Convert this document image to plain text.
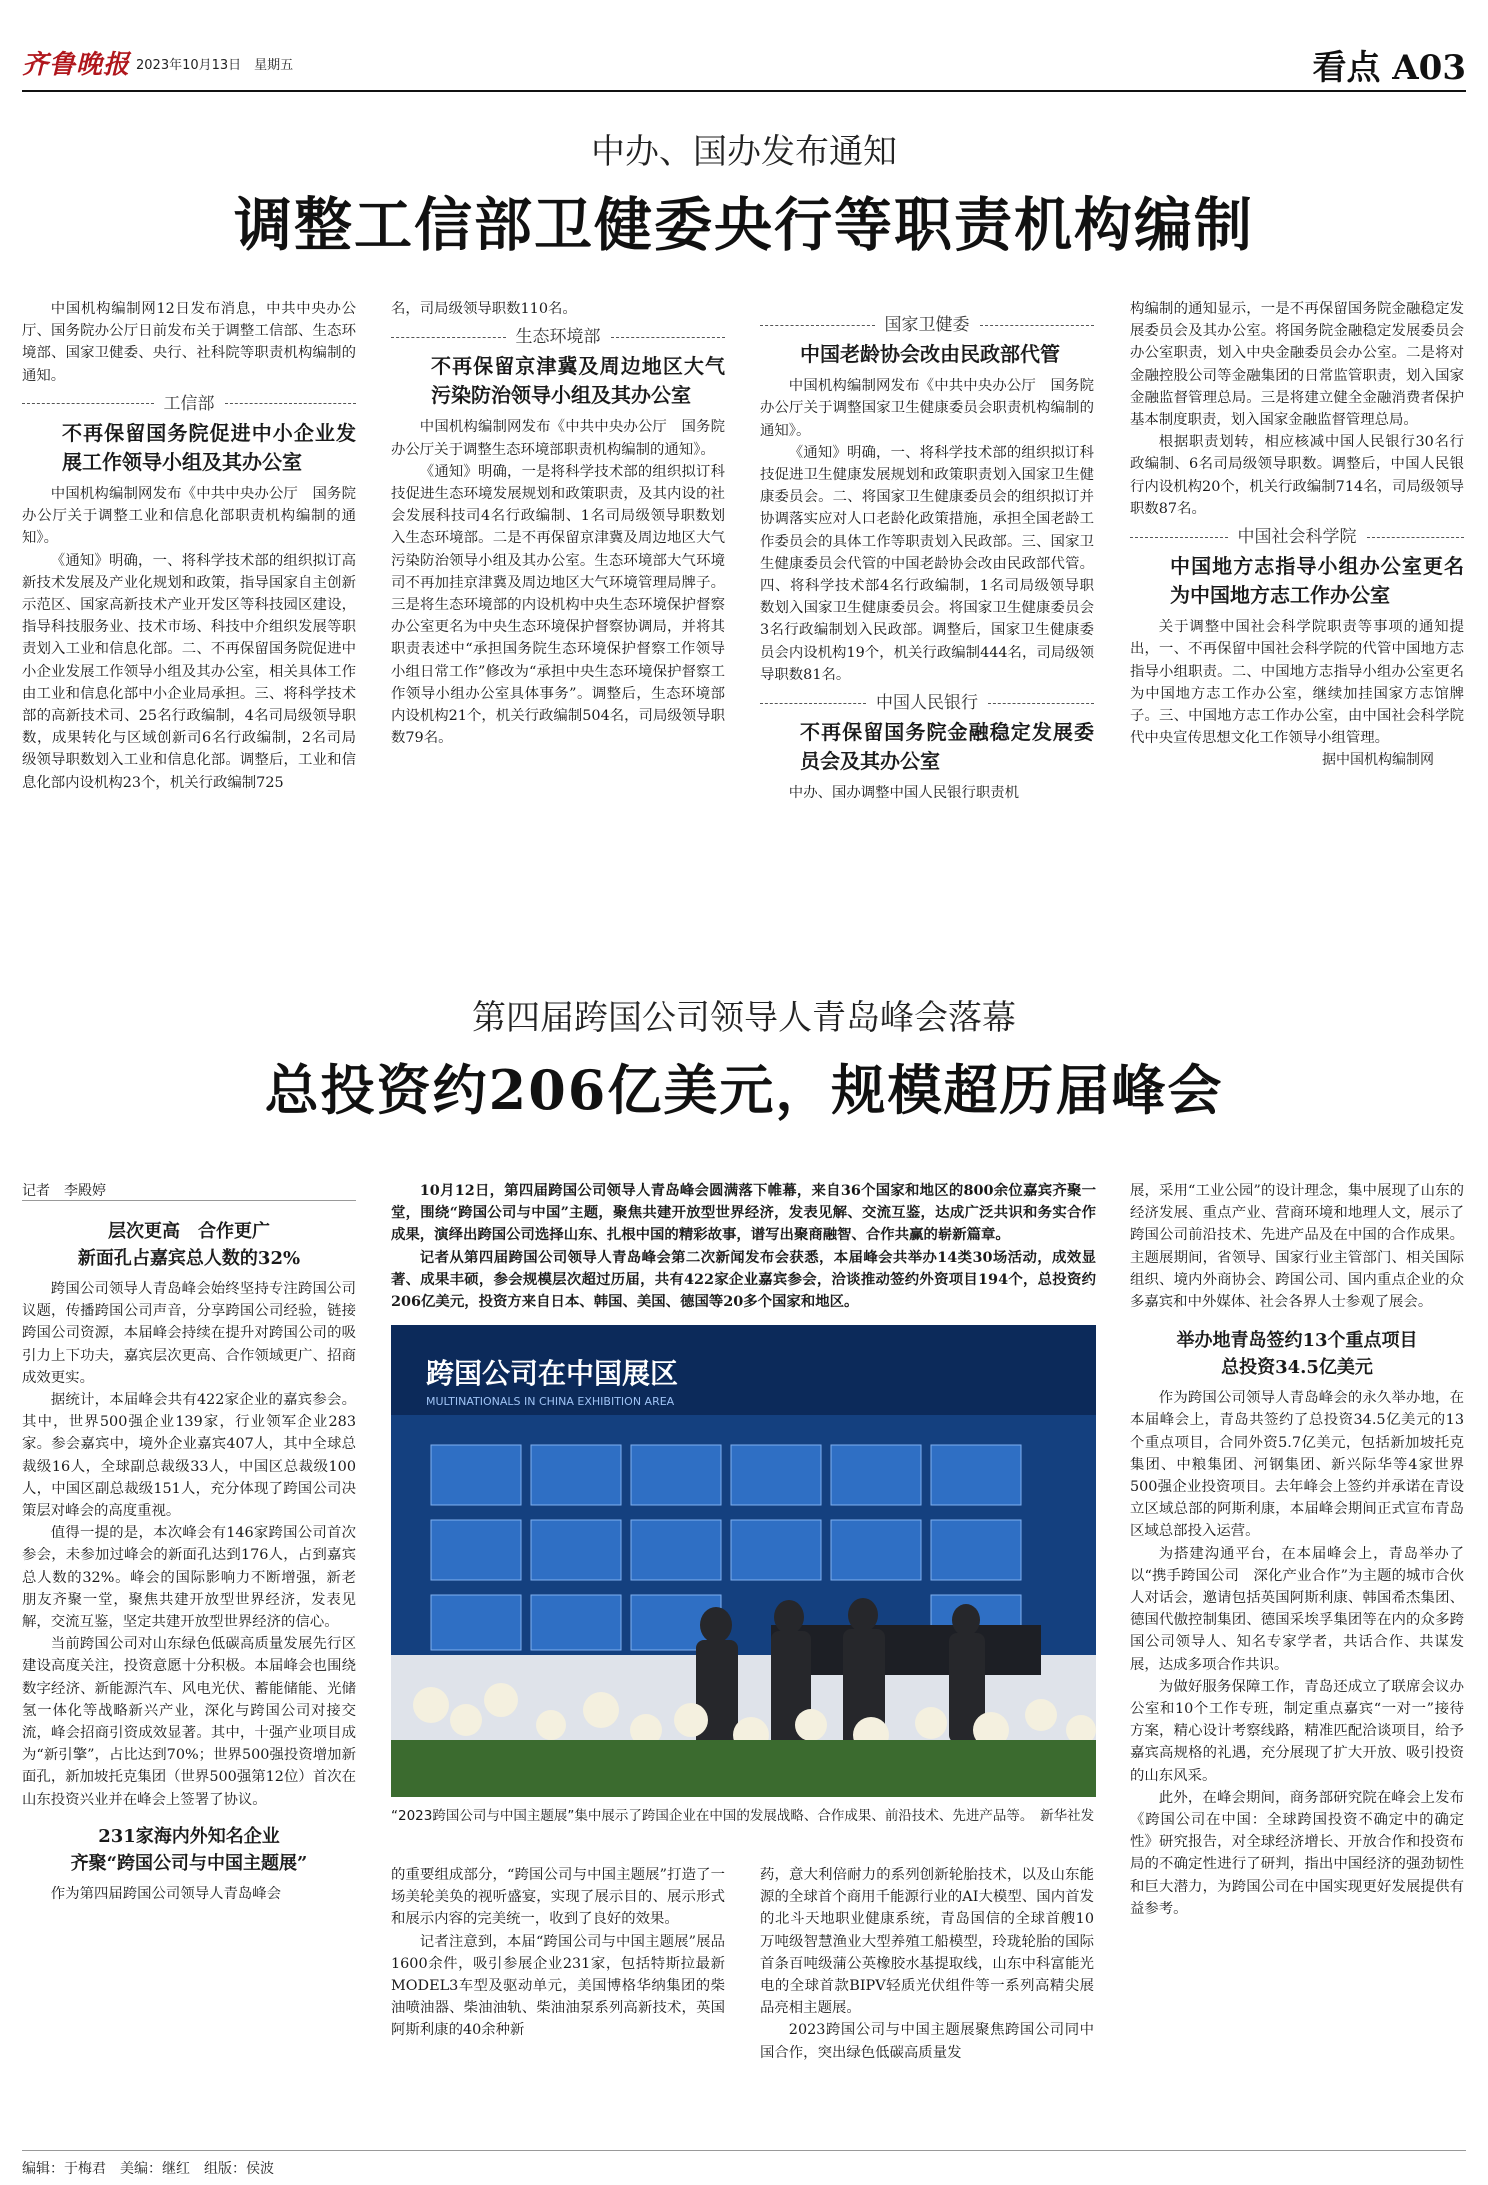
齐鲁晚报 2023年10月13日　星期五	看点 A03
中办、国办发布通知
调整工信部卫健委央行等职责机构编制

中国机构编制网12日发布消息，中共中央办公厅、国务院办公厅日前发布关于调整工信部、生态环境部、国家卫健委、央行、社科院等职责机构编制的通知。

工信部
不再保留国务院促进中小企业发展工作领导小组及其办公室

中国机构编制网发布《中共中央办公厅　国务院办公厅关于调整工业和信息化部职责机构编制的通知》。

《通知》明确，一、将科学技术部的组织拟订高新技术发展及产业化规划和政策，指导国家自主创新示范区、国家高新技术产业开发区等科技园区建设，指导科技服务业、技术市场、科技中介组织发展等职责划入工业和信息化部。二、不再保留国务院促进中小企业发展工作领导小组及其办公室，相关具体工作由工业和信息化部中小企业局承担。三、将科学技术部的高新技术司、25名行政编制，4名司局级领导职数，成果转化与区域创新司6名行政编制，2名司局级领导职数划入工业和信息化部。调整后，工业和信息化部内设机构23个，机关行政编制725

名，司局级领导职数110名。

生态环境部
不再保留京津冀及周边地区大气污染防治领导小组及其办公室

中国机构编制网发布《中共中央办公厅　国务院办公厅关于调整生态环境部职责机构编制的通知》。

《通知》明确，一是将科学技术部的组织拟订科技促进生态环境发展规划和政策职责，及其内设的社会发展科技司4名行政编制、1名司局级领导职数划入生态环境部。二是不再保留京津冀及周边地区大气污染防治领导小组及其办公室。生态环境部大气环境司不再加挂京津冀及周边地区大气环境管理局牌子。三是将生态环境部的内设机构中央生态环境保护督察办公室更名为中央生态环境保护督察协调局，并将其职责表述中“承担国务院生态环境保护督察工作领导小组日常工作”修改为“承担中央生态环境保护督察工作领导小组办公室具体事务”。调整后，生态环境部内设机构21个，机关行政编制504名，司局级领导职数79名。

国家卫健委
中国老龄协会改由民政部代管

中国机构编制网发布《中共中央办公厅　国务院办公厅关于调整国家卫生健康委员会职责机构编制的通知》。

《通知》明确，一、将科学技术部的组织拟订科技促进卫生健康发展规划和政策职责划入国家卫生健康委员会。二、将国家卫生健康委员会的组织拟订并协调落实应对人口老龄化政策措施，承担全国老龄工作委员会的具体工作等职责划入民政部。三、国家卫生健康委员会代管的中国老龄协会改由民政部代管。四、将科学技术部4名行政编制，1名司局级领导职数划入国家卫生健康委员会。将国家卫生健康委员会3名行政编制划入民政部。调整后，国家卫生健康委员会内设机构19个，机关行政编制444名，司局级领导职数81名。

中国人民银行
不再保留国务院金融稳定发展委员会及其办公室

中办、国办调整中国人民银行职责机

构编制的通知显示，一是不再保留国务院金融稳定发展委员会及其办公室。将国务院金融稳定发展委员会办公室职责，划入中央金融委员会办公室。二是将对金融控股公司等金融集团的日常监管职责，划入国家金融监督管理总局。三是将建立健全金融消费者保护基本制度职责，划入国家金融监督管理总局。

根据职责划转，相应核减中国人民银行30名行政编制、6名司局级领导职数。调整后，中国人民银行内设机构20个，机关行政编制714名，司局级领导职数87名。

中国社会科学院
中国地方志指导小组办公室更名为中国地方志工作办公室

关于调整中国社会科学院职责等事项的通知提出，一、不再保留中国社会科学院的代管中国地方志指导小组职责。二、中国地方志指导小组办公室更名为中国地方志工作办公室，继续加挂国家方志馆牌子。三、中国地方志工作办公室，由中国社会科学院代中央宣传思想文化工作领导小组管理。

据中国机构编制网
第四届跨国公司领导人青岛峰会落幕
总投资约206亿美元，规模超历届峰会
记者　李殿婷
层次更高　合作更广
新面孔占嘉宾总人数的32%

跨国公司领导人青岛峰会始终坚持专注跨国公司议题，传播跨国公司声音，分享跨国公司经验，链接跨国公司资源，本届峰会持续在提升对跨国公司的吸引力上下功夫，嘉宾层次更高、合作领域更广、招商成效更实。

据统计，本届峰会共有422家企业的嘉宾参会。其中，世界500强企业139家，行业领军企业283家。参会嘉宾中，境外企业嘉宾407人，其中全球总裁级16人，全球副总裁级33人，中国区总裁级100人，中国区副总裁级151人，充分体现了跨国公司决策层对峰会的高度重视。

值得一提的是，本次峰会有146家跨国公司首次参会，未参加过峰会的新面孔达到176人，占到嘉宾总人数的32%。峰会的国际影响力不断增强，新老朋友齐聚一堂，聚焦共建开放型世界经济，发表见解，交流互鉴，坚定共建开放型世界经济的信心。

当前跨国公司对山东绿色低碳高质量发展先行区建设高度关注，投资意愿十分积极。本届峰会也围绕数字经济、新能源汽车、风电光伏、蓄能储能、光储氢一体化等战略新兴产业，深化与跨国公司对接交流，峰会招商引资成效显著。其中，十强产业项目成为“新引擎”，占比达到70%；世界500强投资增加新面孔，新加坡托克集团（世界500强第12位）首次在山东投资兴业并在峰会上签署了协议。

231家海内外知名企业
齐聚“跨国公司与中国主题展”

作为第四届跨国公司领导人青岛峰会

10月12日，第四届跨国公司领导人青岛峰会圆满落下帷幕，来自36个国家和地区的800余位嘉宾齐聚一堂，围绕“跨国公司与中国”主题，聚焦共建开放型世界经济，发表见解、交流互鉴，达成广泛共识和务实合作成果，演绎出跨国公司选择山东、扎根中国的精彩故事，谱写出聚商融智、合作共赢的崭新篇章。

记者从第四届跨国公司领导人青岛峰会第二次新闻发布会获悉，本届峰会共举办14类30场活动，成效显著、成果丰硕，参会规模层次超过历届，共有422家企业嘉宾参会，洽谈推动签约外资项目194个，总投资约206亿美元，投资方来自日本、韩国、美国、德国等20多个国家和地区。

跨国公司在中国展区
MULTINATIONALS IN CHINA EXHIBITION AREA
“2023跨国公司与中国主题展”集中展示了跨国企业在中国的发展战略、合作成果、前沿技术、先进产品等。　新华社发

的重要组成部分，“跨国公司与中国主题展”打造了一场美轮美奂的视听盛宴，实现了展示目的、展示形式和展示内容的完美统一，收到了良好的效果。

记者注意到，本届“跨国公司与中国主题展”展品1600余件，吸引参展企业231家，包括特斯拉最新MODEL3车型及驱动单元，美国博格华纳集团的柴油喷油器、柴油油轨、柴油油泵系列高新技术，英国阿斯利康的40余种新

药，意大利倍耐力的系列创新轮胎技术，以及山东能源的全球首个商用千能源行业的AI大模型、国内首发的北斗天地职业健康系统，青岛国信的全球首艘10万吨级智慧渔业大型养殖工船模型，玲珑轮胎的国际首条百吨级蒲公英橡胶水基提取线，山东中科富能光电的全球首款BIPV轻质光伏组件等一系列高精尖展品亮相主题展。

2023跨国公司与中国主题展聚焦跨国公司同中国合作，突出绿色低碳高质量发

展，采用“工业公园”的设计理念，集中展现了山东的经济发展、重点产业、营商环境和地理人文，展示了跨国公司前沿技术、先进产品及在中国的合作成果。主题展期间，省领导、国家行业主管部门、相关国际组织、境内外商协会、跨国公司、国内重点企业的众多嘉宾和中外媒体、社会各界人士参观了展会。

举办地青岛签约13个重点项目
总投资34.5亿美元

作为跨国公司领导人青岛峰会的永久举办地，在本届峰会上，青岛共签约了总投资34.5亿美元的13个重点项目，合同外资5.7亿美元，包括新加坡托克集团、中粮集团、河钢集团、新兴际华等4家世界500强企业投资项目。去年峰会上签约并承诺在青设立区域总部的阿斯利康，本届峰会期间正式宣布青岛区域总部投入运营。

为搭建沟通平台，在本届峰会上，青岛举办了以“携手跨国公司　深化产业合作”为主题的城市合伙人对话会，邀请包括英国阿斯利康、韩国希杰集团、德国代傲控制集团、德国采埃孚集团等在内的众多跨国公司领导人、知名专家学者，共话合作、共谋发展，达成多项合作共识。

为做好服务保障工作，青岛还成立了联席会议办公室和10个工作专班，制定重点嘉宾“一对一”接待方案，精心设计考察线路，精准匹配洽谈项目，给予嘉宾高规格的礼遇，充分展现了扩大开放、吸引投资的山东风采。

此外，在峰会期间，商务部研究院在峰会上发布《跨国公司在中国：全球跨国投资不确定中的确定性》研究报告，对全球经济增长、开放合作和投资布局的不确定性进行了研判，指出中国经济的强劲韧性和巨大潜力，为跨国公司在中国实现更好发展提供有益参考。

编辑：于梅君　美编：继红　组版：侯波
